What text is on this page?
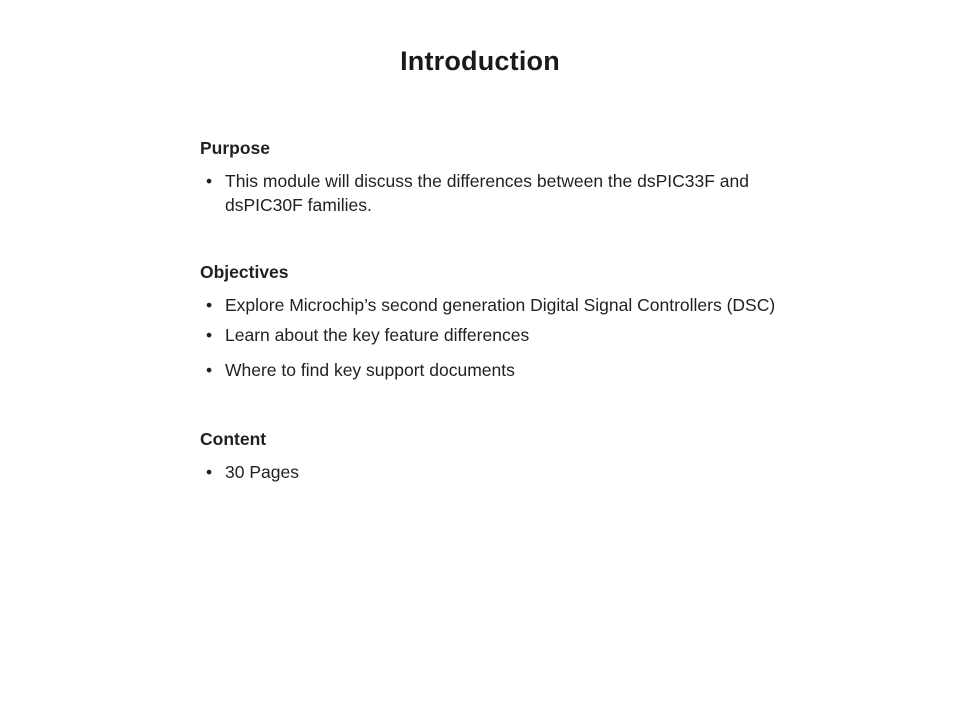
Introduction
Purpose
• This module will discuss the differences between the dsPIC33F and dsPIC30F families.
Objectives
• Explore Microchip’s second generation Digital Signal Controllers (DSC)
• Learn about the key feature differences
• Where to find key support documents
Content
• 30 Pages
